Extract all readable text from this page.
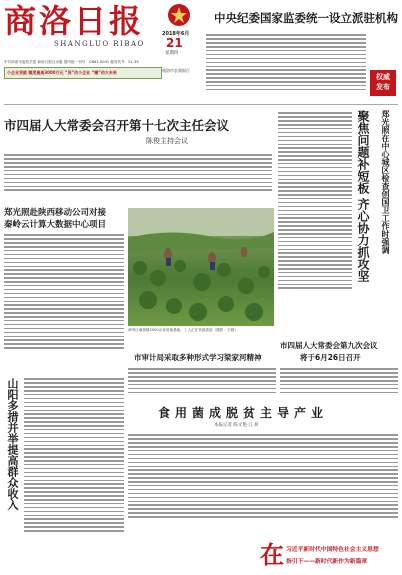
商洛日报
SHANGLUO RIBAO
2018年6月
21
星期四
中共商洛市委机关报 商洛日报社出版 国内统一刊号：CN61-0041 邮发代号：51-35
小企业贷款 額度最高3000万元 “贷”动小企业 “赚”动大未来	商洛市农商银行
中央纪委国家监委统一设立派驻机构
权威
发布
市四届人大常委会召开第十七次主任会议
陈俊主持会议
郑光照赴陕西移动公司对接
秦岭云计算大数据中心项目
商州区麻街镇2000亩食用菌基地，工人正在采摘香菇（摄影：王晓）
郑光照在中心城区检查创国卫工作时强调
聚焦问题补短板 齐心协力抓攻坚
市四届人大常委会第九次会议
将于6月26日召开
市审计局采取多种形式学习梁家河精神
山阳多措并举提高群众收入	食用菌成脱贫主导产业
本报记者 陈文艳 江 妍
在 习近平新时代中国特色社会主义思想
指引下——新时代新作为新篇章
